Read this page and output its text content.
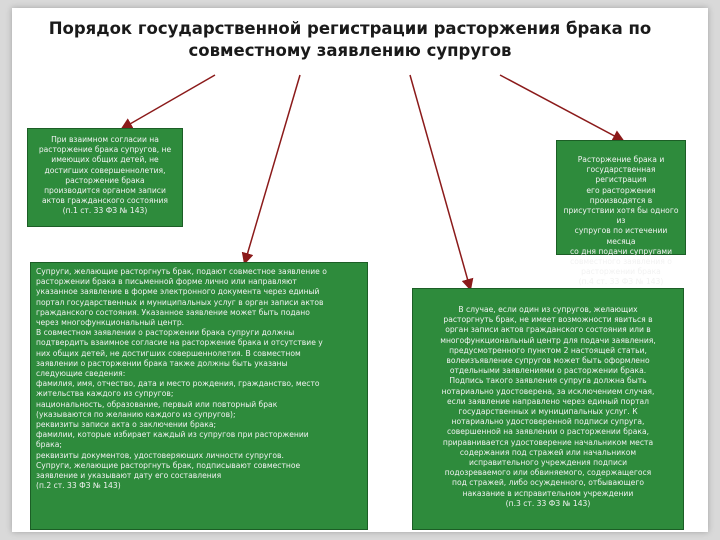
Порядок государственной регистрации расторжения брака по совместному заявлению супругов

При взаимном согласии на
расторжение брака супругов, не
имеющих общих детей, не
достигших совершеннолетия,
расторжение брака
производится органом записи
актов гражданского состояния
(п.1 ст. 33 ФЗ № 143)

Расторжение брака и
государственная регистрация
его расторжения производятся в
присутствии хотя бы одного из
супругов по истечении месяца
со дня подачи супругами
совместного заявления о
расторжении брака
(п.4 ст. 33 ФЗ № 143)

Супруги, желающие расторгнуть брак, подают совместное заявление о
расторжении брака в письменной форме лично или направляют
указанное заявление в форме электронного документа через единый
портал государственных и муниципальных услуг в орган записи актов
гражданского состояния. Указанное заявление может быть подано
через многофункциональный центр.
В совместном заявлении о расторжении брака супруги должны
подтвердить взаимное согласие на расторжение брака и отсутствие у
них общих детей, не достигших совершеннолетия. В совместном
заявлении о расторжении брака также должны быть указаны
следующие сведения:
фамилия, имя, отчество, дата и место рождения, гражданство, место
жительства каждого из супругов;
национальность, образование, первый или повторный брак
(указываются по желанию каждого из супругов);
реквизиты записи акта о заключении брака;
фамилии, которые избирает каждый из супругов при расторжении
брака;
реквизиты документов, удостоверяющих личности супругов.
Супруги, желающие расторгнуть брак, подписывают совместное
заявление и указывают дату его составления
(п.2 ст. 33 ФЗ № 143)

В случае, если один из супругов, желающих
расторгнуть брак, не имеет возможности явиться в
орган записи актов гражданского состояния или в
многофункциональный центр для подачи заявления,
предусмотренного пунктом 2 настоящей статьи,
волеизъявление супругов может быть оформлено
отдельными заявлениями о расторжении брака.
Подпись такого заявления супруга должна быть
нотариально удостоверена, за исключением случая,
если заявление направлено через единый портал
государственных и муниципальных услуг. К
нотариально удостоверенной подписи супруга,
совершенной на заявлении о расторжении брака,
приравнивается удостоверение начальником места
содержания под стражей или начальником
исправительного учреждения подписи
подозреваемого или обвиняемого, содержащегося
под стражей, либо осужденного, отбывающего
наказание в исправительном учреждении
(п.3 ст. 33 ФЗ № 143)
